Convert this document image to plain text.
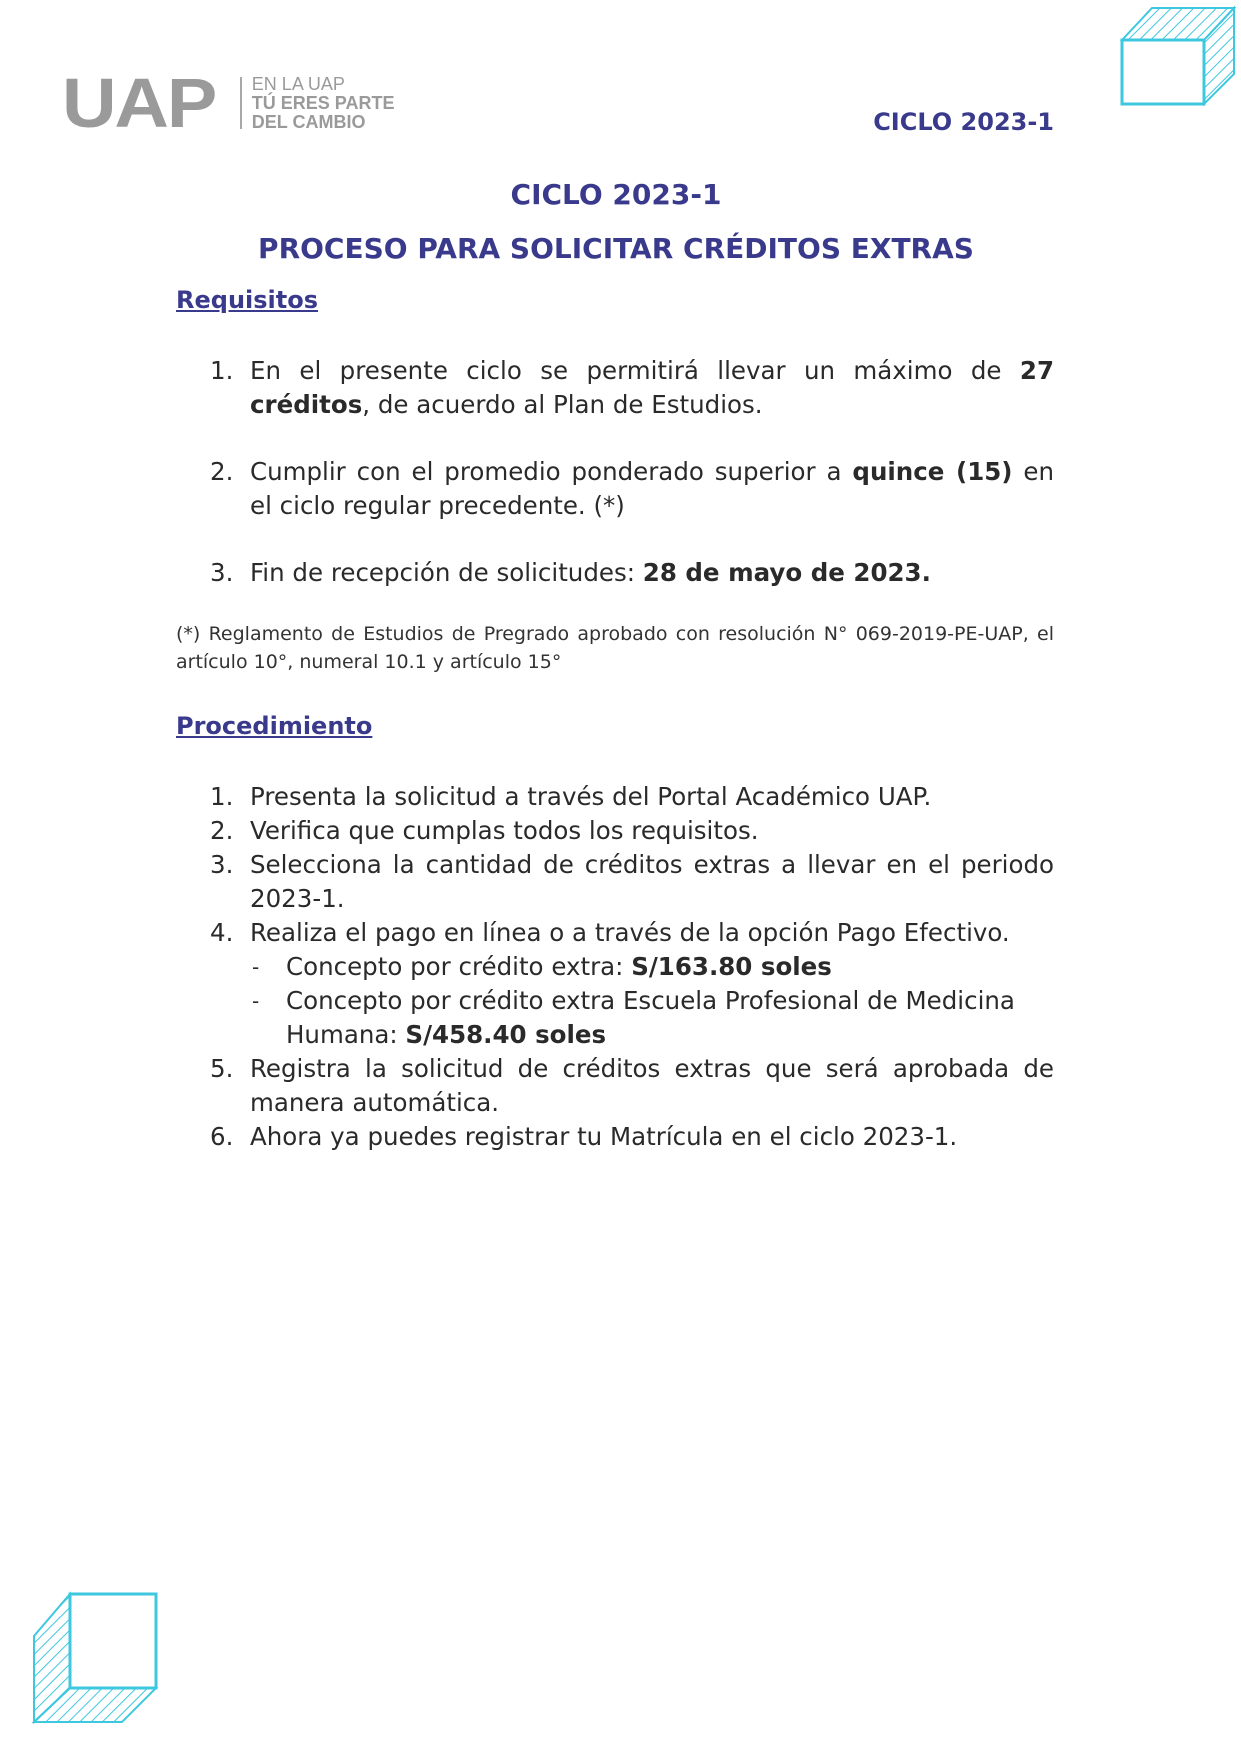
UAP EN LA UAP
TÚ ERES PARTE
DEL CAMBIO	CICLO 2023-1
CICLO 2023-1
PROCESO PARA SOLICITAR CRÉDITOS EXTRAS
Requisitos
1. En el presente ciclo se permitirá llevar un máximo de 27 créditos, de acuerdo al Plan de Estudios.
2. Cumplir con el promedio ponderado superior a quince (15) en el ciclo regular precedente. (*)
3. Fin de recepción de solicitudes: 28 de mayo de 2023.
(*) Reglamento de Estudios de Pregrado aprobado con resolución N° 069-2019-PE-UAP, el artículo 10°, numeral 10.1 y artículo 15°
Procedimiento
1. Presenta la solicitud a través del Portal Académico UAP.
2. Verifica que cumplas todos los requisitos.
3. Selecciona la cantidad de créditos extras a llevar en el periodo 2023-1.
4. Realiza el pago en línea o a través de la opción Pago Efectivo.
- Concepto por crédito extra: S/163.80 soles
- Concepto por crédito extra Escuela Profesional de Medicina Humana: S/458.40 soles
5. Registra la solicitud de créditos extras que será aprobada de manera automática.
6. Ahora ya puedes registrar tu Matrícula en el ciclo 2023-1.
